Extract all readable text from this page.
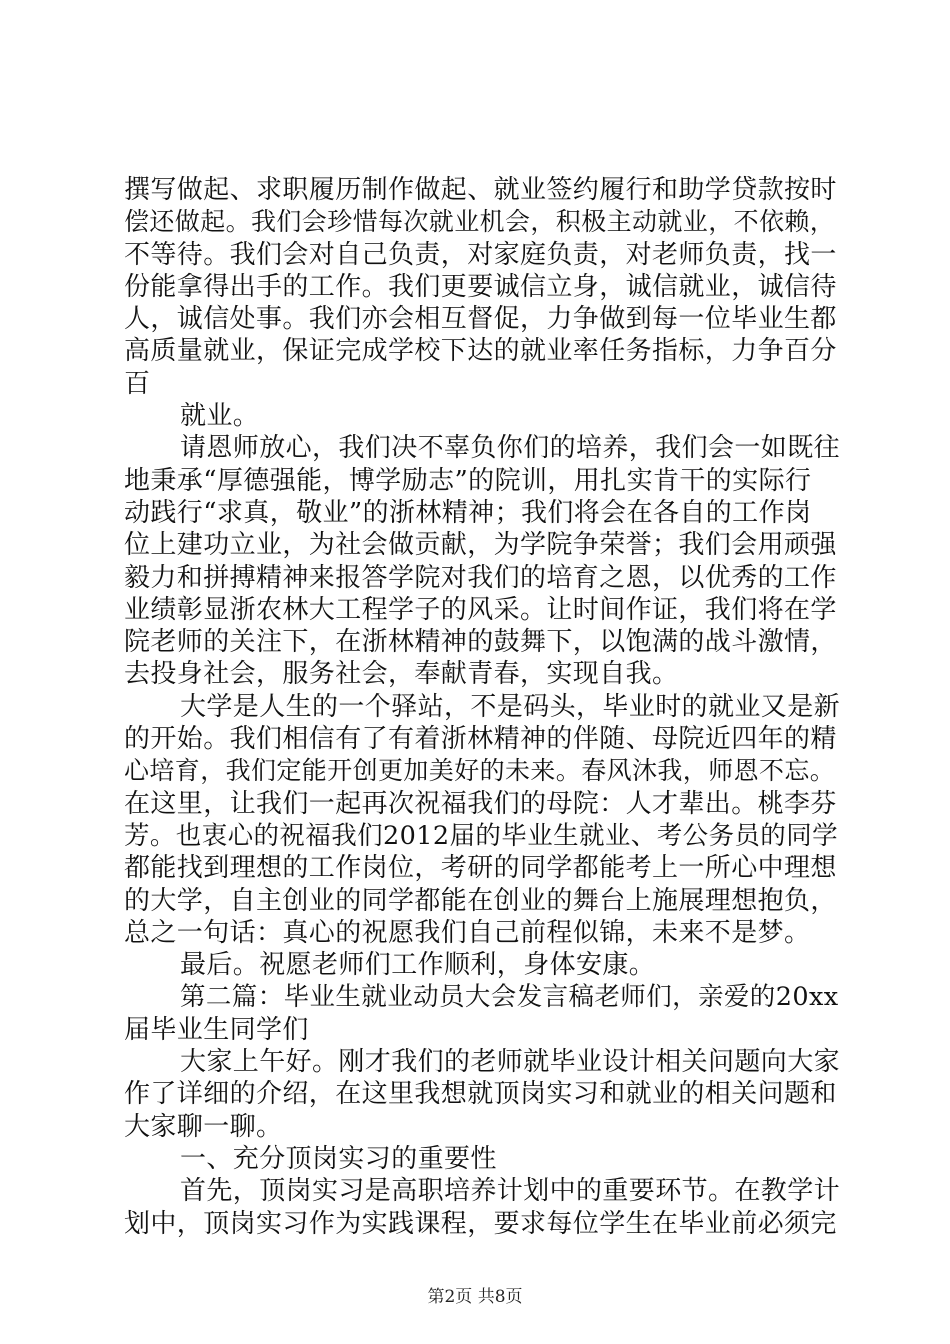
撰写做起、求职履历制作做起、就业签约履行和助学贷款按时
偿还做起。我们会珍惜每次就业机会，积极主动就业，不依赖，
不等待。我们会对自己负责，对家庭负责，对老师负责，找一
份能拿得出手的工作。我们更要诚信立身，诚信就业，诚信待
人，诚信处事。我们亦会相互督促，力争做到每一位毕业生都
高质量就业，保证完成学校下达的就业率任务指标，力争百分
百
就业。
请恩师放心，我们决不辜负你们的培养，我们会一如既往
地秉承“厚德强能，博学励志”的院训，用扎实肯干的实际行
动践行“求真，敬业”的浙林精神；我们将会在各自的工作岗
位上建功立业，为社会做贡献，为学院争荣誉；我们会用顽强
毅力和拼搏精神来报答学院对我们的培育之恩，以优秀的工作
业绩彰显浙农林大工程学子的风采。让时间作证，我们将在学
院老师的关注下，在浙林精神的鼓舞下，以饱满的战斗激情，
去投身社会，服务社会，奉献青春，实现自我。
大学是人生的一个驿站，不是码头，毕业时的就业又是新
的开始。我们相信有了有着浙林精神的伴随、母院近四年的精
心培育，我们定能开创更加美好的未来。春风沐我，师恩不忘。
在这里，让我们一起再次祝福我们的母院：人才辈出。桃李芬
芳。也衷心的祝福我们2012届的毕业生就业、考公务员的同学
都能找到理想的工作岗位，考研的同学都能考上一所心中理想
的大学，自主创业的同学都能在创业的舞台上施展理想抱负，
总之一句话：真心的祝愿我们自己前程似锦，未来不是梦。
最后。祝愿老师们工作顺利，身体安康。
第二篇：毕业生就业动员大会发言稿老师们，亲爱的20xx
届毕业生同学们
大家上午好。刚才我们的老师就毕业设计相关问题向大家
作了详细的介绍，在这里我想就顶岗实习和就业的相关问题和
大家聊一聊。
一、充分顶岗实习的重要性
首先，顶岗实习是高职培养计划中的重要环节。在教学计
划中，顶岗实习作为实践课程，要求每位学生在毕业前必须完
第2页 共8页
